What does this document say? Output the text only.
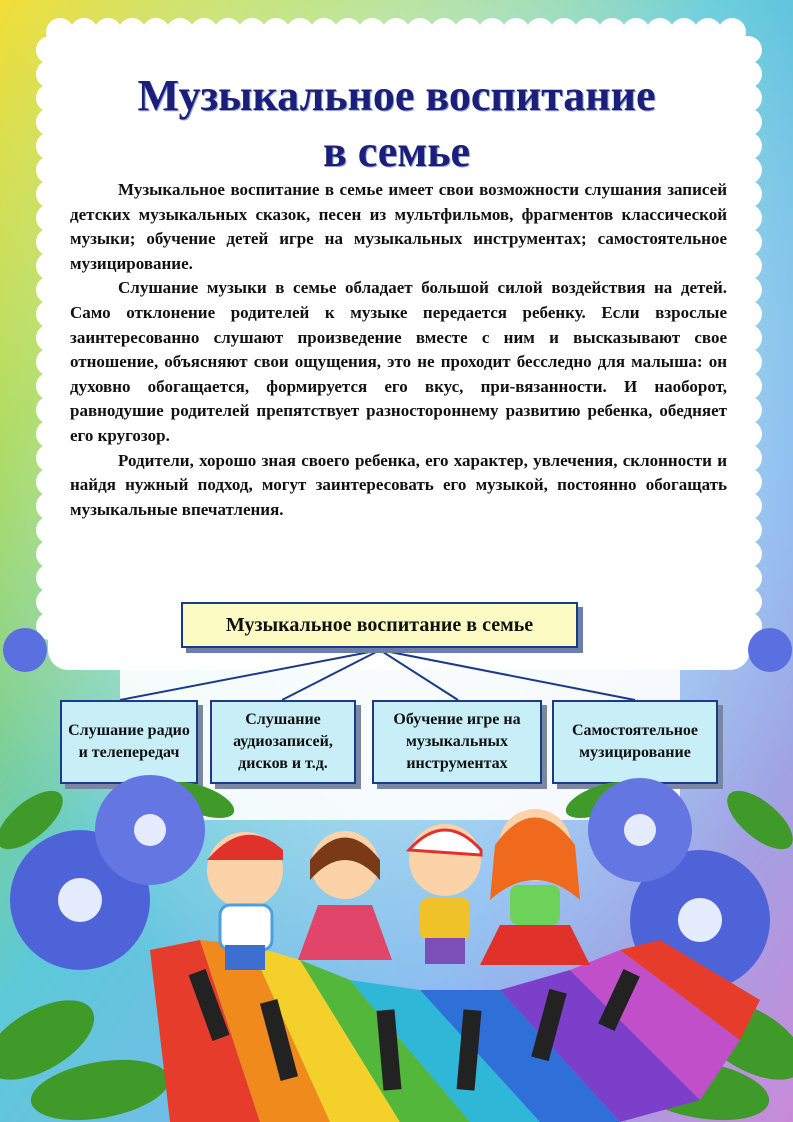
Музыкальное воспитание
в семье

Музыкальное воспитание в семье имеет свои возможности слушания записей детских музыкальных сказок, песен из мультфильмов, фрагментов классической музыки; обучение детей игре на музыкальных инструментах; самостоятельное музицирование.

Слушание музыки в семье обладает большой силой воздействия на детей. Само отклонение родителей к музыке передается ребенку. Если взрослые заинтересованно слушают произведение вместе с ним и высказывают свое отношение, объясняют свои ощущения, это не проходит бесследно для малыша: он духовно обогащается, формируется его вкус, при-вязанности. И наоборот, равнодушие родителей препятствует разностороннему развитию ребенка, обедняет его кругозор.

Родители, хорошо зная своего ребенка, его характер, увлечения, склонности и найдя нужный подход, могут заинтересовать его музыкой, постоянно обогащать музыкальные впечатления.

Музыкальное воспитание в семье
Слушание радио и телепередач
Слушание аудиозаписей, дисков и т.д.
Обучение игре на музыкальных инструментах
Самостоятельное музицирование
